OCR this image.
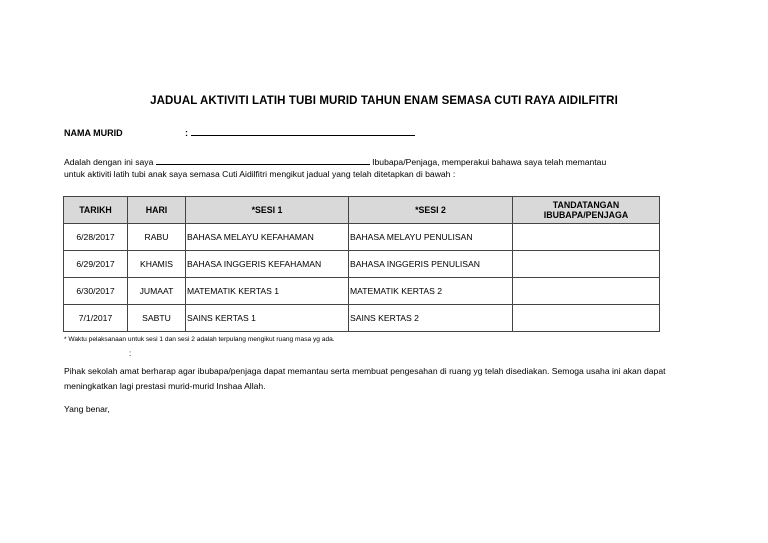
JADUAL AKTIVITI LATIH TUBI MURID TAHUN ENAM SEMASA CUTI RAYA AIDILFITRI
NAMA MURID	:
Adalah dengan ini saya	Ibubapa/Penjaga, memperakui bahawa saya telah memantau
untuk aktiviti latih tubi anak saya semasa Cuti Aidilfitri mengikut jadual yang telah ditetapkan di bawah :
TARIKH	HARI	*SESI 1	*SESI 2	TANDATANGAN IBUBAPA/PENJAGA
6/28/2017	RABU	BAHASA MELAYU KEFAHAMAN	BAHASA MELAYU PENULISAN	
6/29/2017	KHAMIS	BAHASA INGGERIS KEFAHAMAN	BAHASA INGGERIS PENULISAN	
6/30/2017	JUMAAT	MATEMATIK KERTAS 1	MATEMATIK KERTAS 2	
7/1/2017	SABTU	SAINS KERTAS 1	SAINS KERTAS 2	
* Waktu pelaksanaan untuk sesi 1 dan sesi 2 adalah terpulang mengikut ruang masa yg ada.
:
Pihak sekolah amat berharap agar ibubapa/penjaga dapat memantau serta membuat pengesahan di ruang yg telah disediakan. Semoga usaha ini akan dapat meningkatkan lagi prestasi murid-murid Inshaa Allah.
Yang benar,
